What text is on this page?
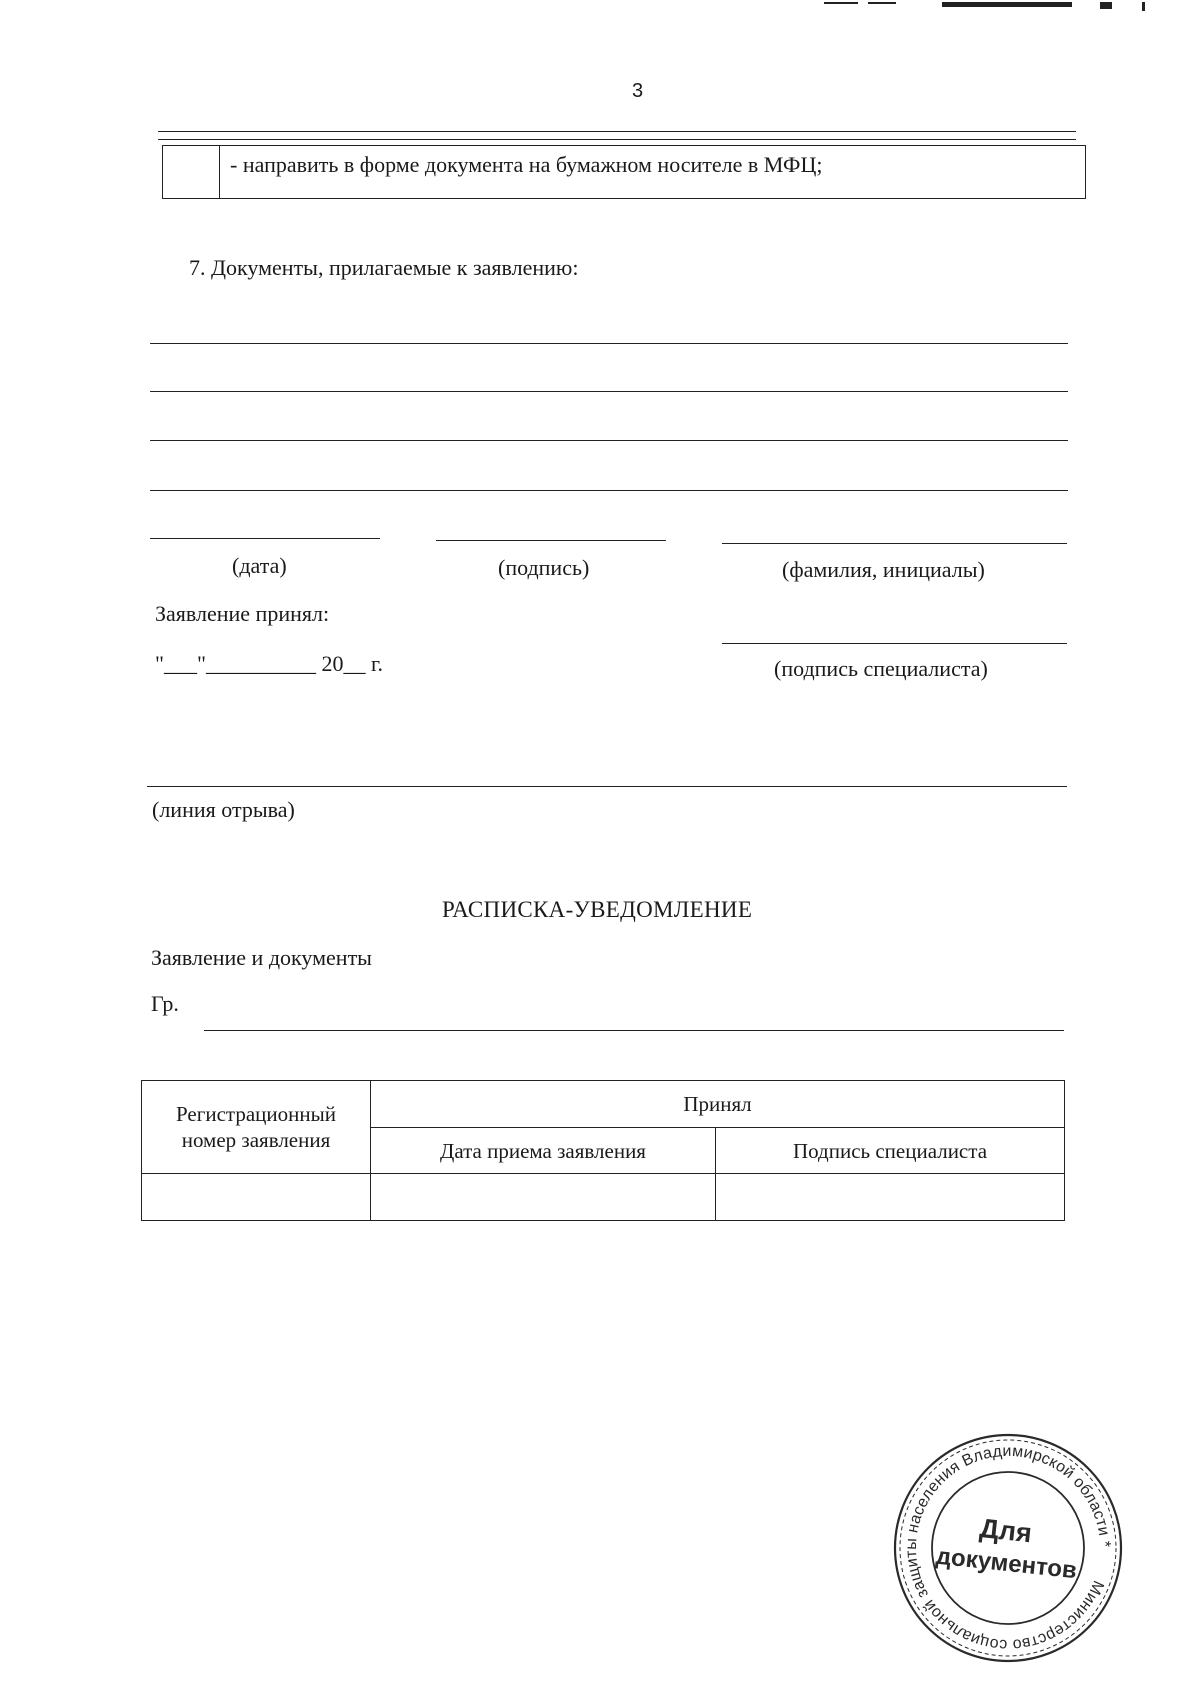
3
	- направить в форме документа на бумажном носителе в МФЦ;
7. Документы, прилагаемые к заявлению:
(дата)	(подпись)	(фамилия, инициалы)
Заявление принял:
"___"__________ 20__ г.	(подпись специалиста)
(линия отрыва)
РАСПИСКА-УВЕДОМЛЕНИЕ
Заявление и документы
Гр.
Регистрационный
номер заявления	Принял	
	Дата приема заявления	Подпись специалиста

Министерство социальной защиты населения Владимирской области *
Для
документов
